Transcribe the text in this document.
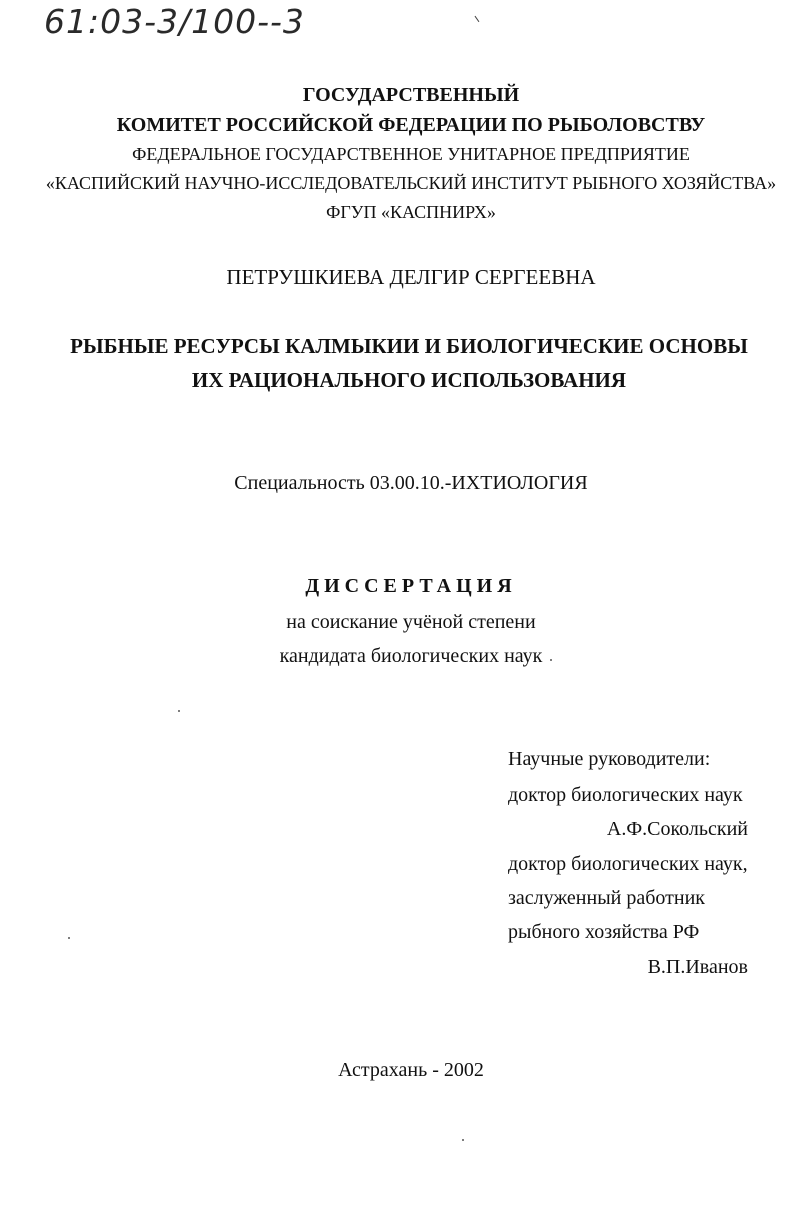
61:03-3/100--3
ГОСУДАРСТВЕННЫЙ
КОМИТЕТ РОССИЙСКОЙ ФЕДЕРАЦИИ ПО РЫБОЛОВСТВУ
ФЕДЕРАЛЬНОЕ ГОСУДАРСТВЕННОЕ УНИТАРНОЕ ПРЕДПРИЯТИЕ
«КАСПИЙСКИЙ НАУЧНО-ИССЛЕДОВАТЕЛЬСКИЙ ИНСТИТУТ РЫБНОГО ХОЗЯЙСТВА»
ФГУП «КАСПНИРХ»
ПЕТРУШКИЕВА ДЕЛГИР СЕРГЕЕВНА
РЫБНЫЕ РЕСУРСЫ КАЛМЫКИИ И БИОЛОГИЧЕСКИЕ ОСНОВЫ
ИХ РАЦИОНАЛЬНОГО ИСПОЛЬЗОВАНИЯ
Специальность 03.00.10.-ИХТИОЛОГИЯ
ДИССЕРТАЦИЯ
на соискание учёной степени
кандидата биологических наук
Научные руководители:
доктор биологических наук
А.Ф.Сокольский
доктор биологических наук,
заслуженный работник
рыбного хозяйства РФ
В.П.Иванов
Астрахань - 2002
